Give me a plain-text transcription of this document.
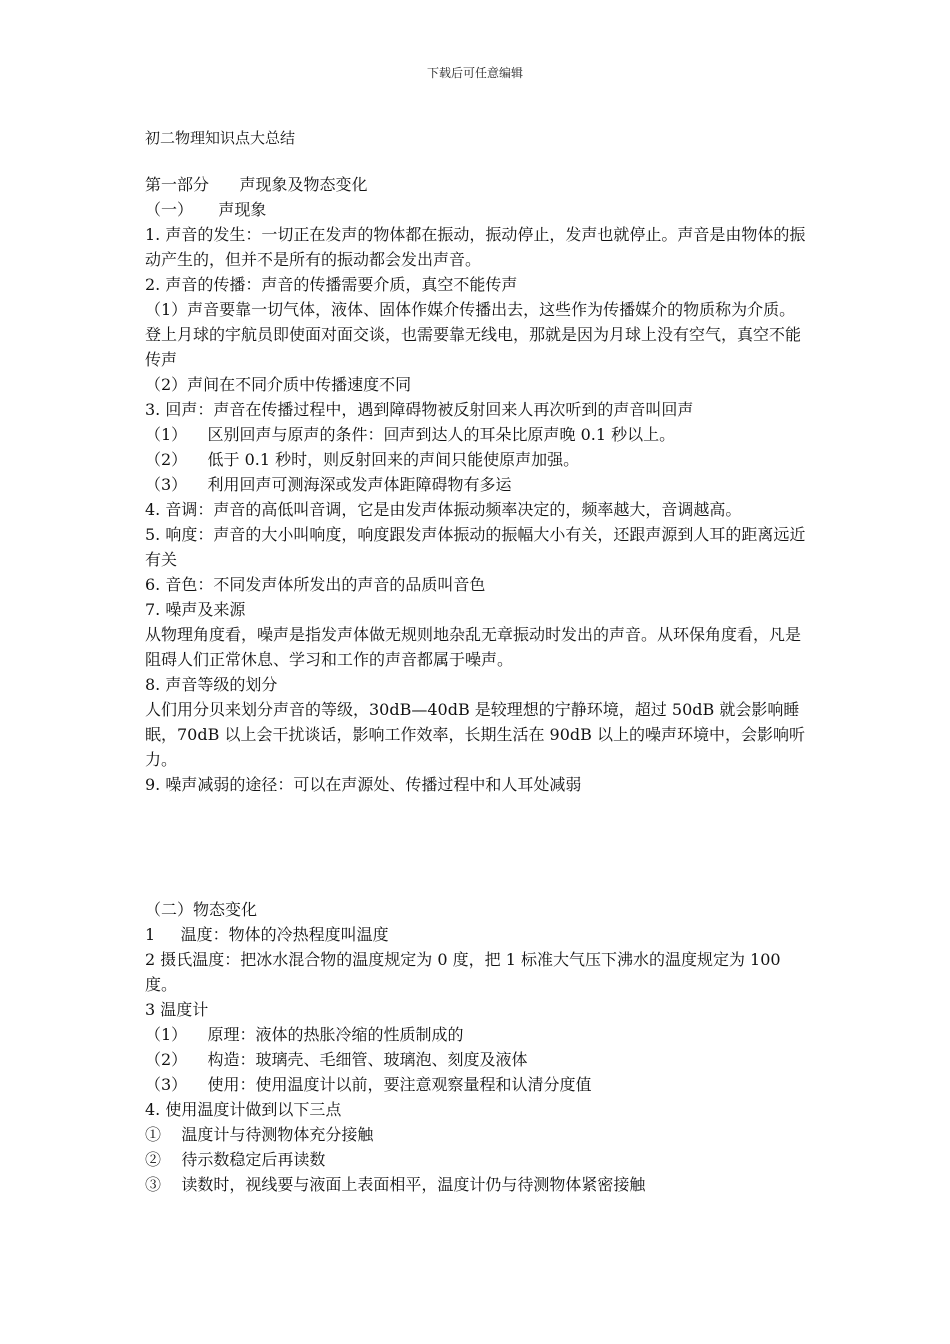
下载后可任意编辑
初二物理知识点大总结

第一部分      声现象及物态变化

（一）     声现象

1. 声音的发生：一切正在发声的物体都在振动，振动停止，发声也就停止。声音是由物体的振动产生的，但并不是所有的振动都会发出声音。

2. 声音的传播：声音的传播需要介质，真空不能传声

（1）声音要靠一切气体，液体、固体作媒介传播出去，这些作为传播媒介的物质称为介质。登上月球的宇航员即使面对面交谈，也需要靠无线电，那就是因为月球上没有空气，真空不能传声

（2）声间在不同介质中传播速度不同

3. 回声：声音在传播过程中，遇到障碍物被反射回来人再次听到的声音叫回声

（1）    区别回声与原声的条件：回声到达人的耳朵比原声晚 0.1 秒以上。

（2）    低于 0.1 秒时，则反射回来的声间只能使原声加强。

（3）    利用回声可测海深或发声体距障碍物有多运

4. 音调：声音的高低叫音调，它是由发声体振动频率决定的，频率越大，音调越高。

5. 响度：声音的大小叫响度，响度跟发声体振动的振幅大小有关，还跟声源到人耳的距离远近有关

6. 音色：不同发声体所发出的声音的品质叫音色

7. 噪声及来源

从物理角度看，噪声是指发声体做无规则地杂乱无章振动时发出的声音。从环保角度看，凡是阻碍人们正常休息、学习和工作的声音都属于噪声。

8. 声音等级的划分

人们用分贝来划分声音的等级，30dB—40dB 是较理想的宁静环境，超过 50dB 就会影响睡眠，70dB 以上会干扰谈话，影响工作效率，长期生活在 90dB 以上的噪声环境中，会影响听力。

9. 噪声减弱的途径：可以在声源处、传播过程中和人耳处减弱

（二）物态变化

1     温度：物体的冷热程度叫温度

2 摄氏温度：把冰水混合物的温度规定为 0 度，把 1 标准大气压下沸水的温度规定为 100 度。

3 温度计

（1）    原理：液体的热胀冷缩的性质制成的

（2）    构造：玻璃壳、毛细管、玻璃泡、刻度及液体

（3）    使用：使用温度计以前，要注意观察量程和认清分度值

4. 使用温度计做到以下三点

①    温度计与待测物体充分接触

②    待示数稳定后再读数

③    读数时，视线要与液面上表面相平，温度计仍与待测物体紧密接触
